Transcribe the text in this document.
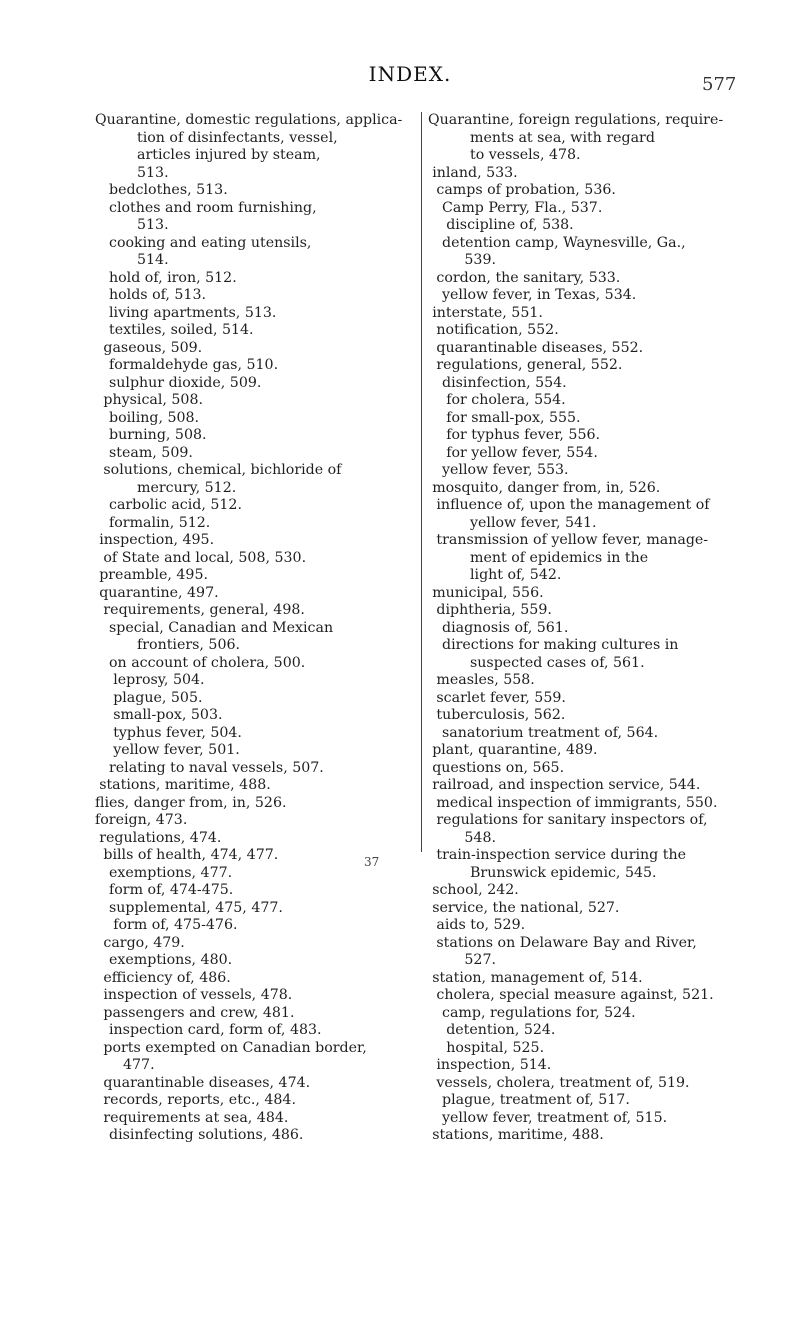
INDEX.	577
Quarantine, domestic regulations, applica-
tion of disinfectants, vessel,
articles injured by steam,
513.
bedclothes, 513.
clothes and room furnishing,
513.
cooking and eating utensils,
514.
hold of, iron, 512.
holds of, 513.
living apartments, 513.
textiles, soiled, 514.
gaseous, 509.
formaldehyde gas, 510.
sulphur dioxide, 509.
physical, 508.
boiling, 508.
burning, 508.
steam, 509.
solutions, chemical, bichloride of
mercury, 512.
carbolic acid, 512.
formalin, 512.
inspection, 495.
of State and local, 508, 530.
preamble, 495.
quarantine, 497.
requirements, general, 498.
special, Canadian and Mexican
frontiers, 506.
on account of cholera, 500.
leprosy, 504.
plague, 505.
small-pox, 503.
typhus fever, 504.
yellow fever, 501.
relating to naval vessels, 507.
stations, maritime, 488.
flies, danger from, in, 526.
foreign, 473.
regulations, 474.
bills of health, 474, 477.
exemptions, 477.
form of, 474-475.
supplemental, 475, 477.
form of, 475-476.
cargo, 479.
exemptions, 480.
efficiency of, 486.
inspection of vessels, 478.
passengers and crew, 481.
inspection card, form of, 483.
ports exempted on Canadian border,
477.
quarantinable diseases, 474.
records, reports, etc., 484.
requirements at sea, 484.
disinfecting solutions, 486.
Quarantine, foreign regulations, require-
ments at sea, with regard
to vessels, 478.
inland, 533.
camps of probation, 536.
Camp Perry, Fla., 537.
discipline of, 538.
detention camp, Waynesville, Ga.,
539.
cordon, the sanitary, 533.
yellow fever, in Texas, 534.
interstate, 551.
notification, 552.
quarantinable diseases, 552.
regulations, general, 552.
disinfection, 554.
for cholera, 554.
for small-pox, 555.
for typhus fever, 556.
for yellow fever, 554.
yellow fever, 553.
mosquito, danger from, in, 526.
influence of, upon the management of
yellow fever, 541.
transmission of yellow fever, manage-
ment of epidemics in the
light of, 542.
municipal, 556.
diphtheria, 559.
diagnosis of, 561.
directions for making cultures in
suspected cases of, 561.
measles, 558.
scarlet fever, 559.
tuberculosis, 562.
sanatorium treatment of, 564.
plant, quarantine, 489.
questions on, 565.
railroad, and inspection service, 544.
medical inspection of immigrants, 550.
regulations for sanitary inspectors of,
548.
train-inspection service during the
Brunswick epidemic, 545.
school, 242.
service, the national, 527.
aids to, 529.
stations on Delaware Bay and River,
527.
station, management of, 514.
cholera, special measure against, 521.
camp, regulations for, 524.
detention, 524.
hospital, 525.
inspection, 514.
vessels, cholera, treatment of, 519.
plague, treatment of, 517.
yellow fever, treatment of, 515.
stations, maritime, 488.
37
